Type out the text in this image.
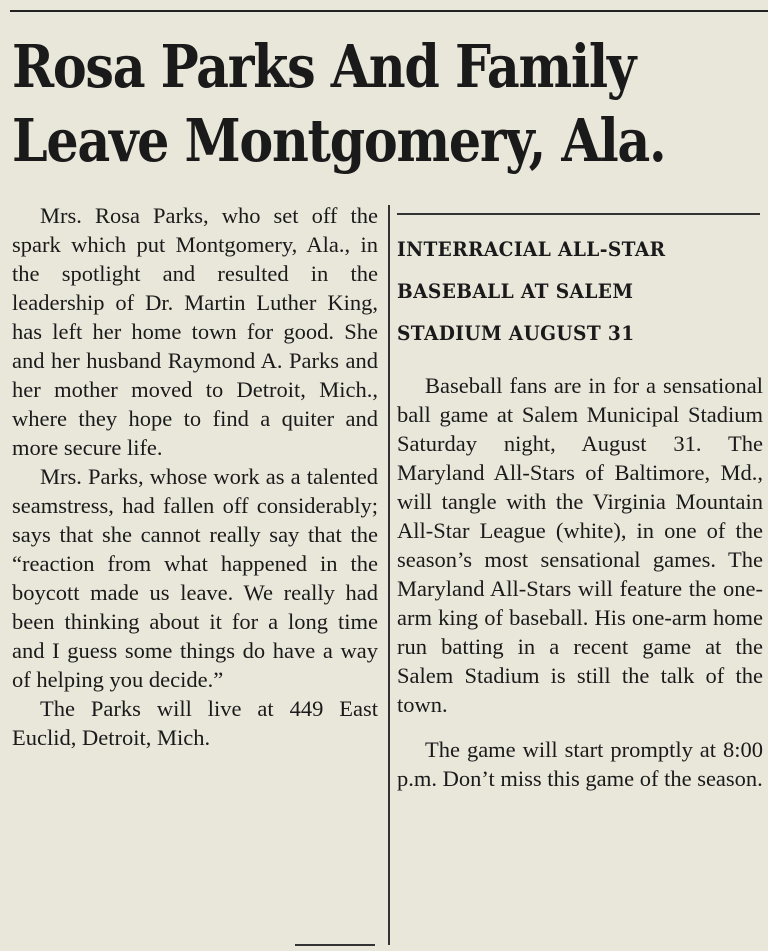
Rosa Parks And Family
Leave Montgomery, Ala.

Mrs. Rosa Parks, who set off the spark which put Montgomery, Ala., in the spotlight and resulted in the leadership of Dr. Martin Luther King, has left her home town for good. She and her husband Raymond A. Parks and her mother moved to Detroit, Mich., where they hope to find a quiter and more secure life.

Mrs. Parks, whose work as a talented seamstress, had fallen off considerably; says that she cannot really say that the “reaction from what happened in the boycott made us leave. We really had been thinking about it for a long time and I guess some things do have a way of helping you decide.”

The Parks will live at 449 East Euclid, Detroit, Mich.

INTERRACIAL ALL-STAR
BASEBALL AT SALEM
STADIUM AUGUST 31

Baseball fans are in for a sensational ball game at Salem Municipal Stadium Saturday night, August 31. The Maryland All-Stars of Baltimore, Md., will tangle with the Virginia Mountain All-Star League (white), in one of the season’s most sensational games. The Maryland All-Stars will feature the one-arm king of baseball. His one-arm home run batting in a recent game at the Salem Stadium is still the talk of the town.

The game will start promptly at 8:00 p.m. Don’t miss this game of the season.
